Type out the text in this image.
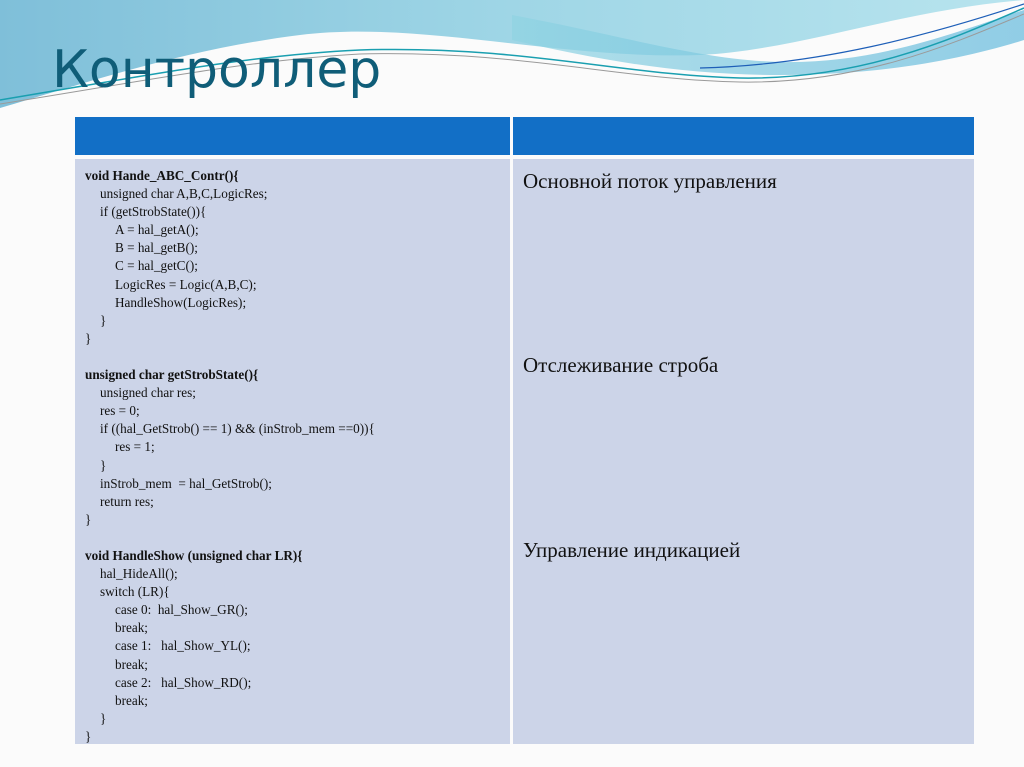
Контроллер
void Hande_ABC_Contr(){
unsigned char A,B,C,LogicRes;
if (getStrobState()){
A = hal_getA();
B = hal_getB();
C = hal_getC();
LogicRes = Logic(A,B,C);
HandleShow(LogicRes);
}
}
unsigned char getStrobState(){
unsigned char res;
res = 0;
if ((hal_GetStrob() == 1) && (inStrob_mem ==0)){
res = 1;
}
inStrob_mem  = hal_GetStrob();
return res;
}
void HandleShow (unsigned char LR){
hal_HideAll();
switch (LR){
case 0:  hal_Show_GR();
break;
case 1:   hal_Show_YL();
break;
case 2:   hal_Show_RD();
break;
}
}
Основной поток управления
Отслеживание строба
Управление индикацией
